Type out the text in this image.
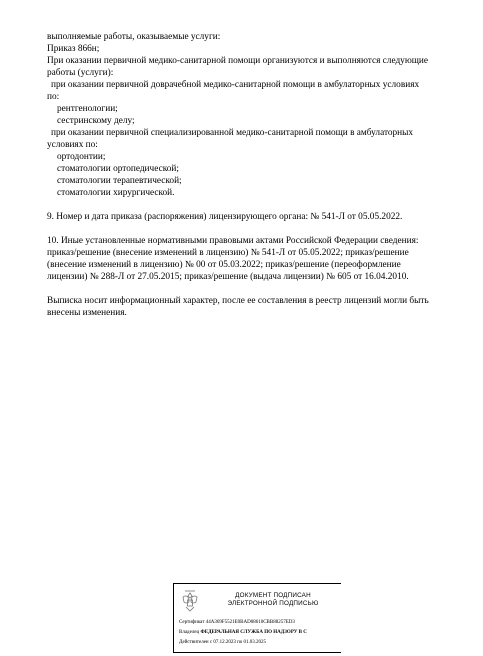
выполняемые работы, оказываемые услуги:
Приказ 866н;
При оказании первичной медико-санитарной помощи организуются и выполняются следующие
работы (услуги):
при оказании первичной доврачебной медико-санитарной помощи в амбулаторных условиях
по:
рентгенологии;
сестринскому делу;
при оказании первичной специализированной медико-санитарной помощи в амбулаторных
условиях по:
ортодонтии;
стоматологии ортопедической;
стоматологии терапевтической;
стоматологии хирургической.
9. Номер и дата приказа (распоряжения) лицензирующего органа: № 541-Л от 05.05.2022.
10. Иные установленные нормативными правовыми актами Российской Федерации сведения:
приказ/решение (внесение изменений в лицензию) № 541-Л от 05.05.2022; приказ/решение
(внесение изменений в лицензию) № 00 от 05.03.2022; приказ/решение (переоформление
лицензии) № 288-Л от 27.05.2015; приказ/решение (выдача лицензии) № 605 от 16.04.2010.
Выписка носит информационный характер, после ее составления в реестр лицензий могли быть
внесены изменения.
ДОКУМЕНТ ПОДПИСАН
ЭЛЕКТРОННОЙ ПОДПИСЬЮ
Сертификат 44A369F5521E0BAD08610CBB88257ED3
Владелец ФЕДЕРАЛЬНАЯ СЛУЖБА ПО НАДЗОРУ В С
Действителен с 07.12.2023 по 01.03.2025
